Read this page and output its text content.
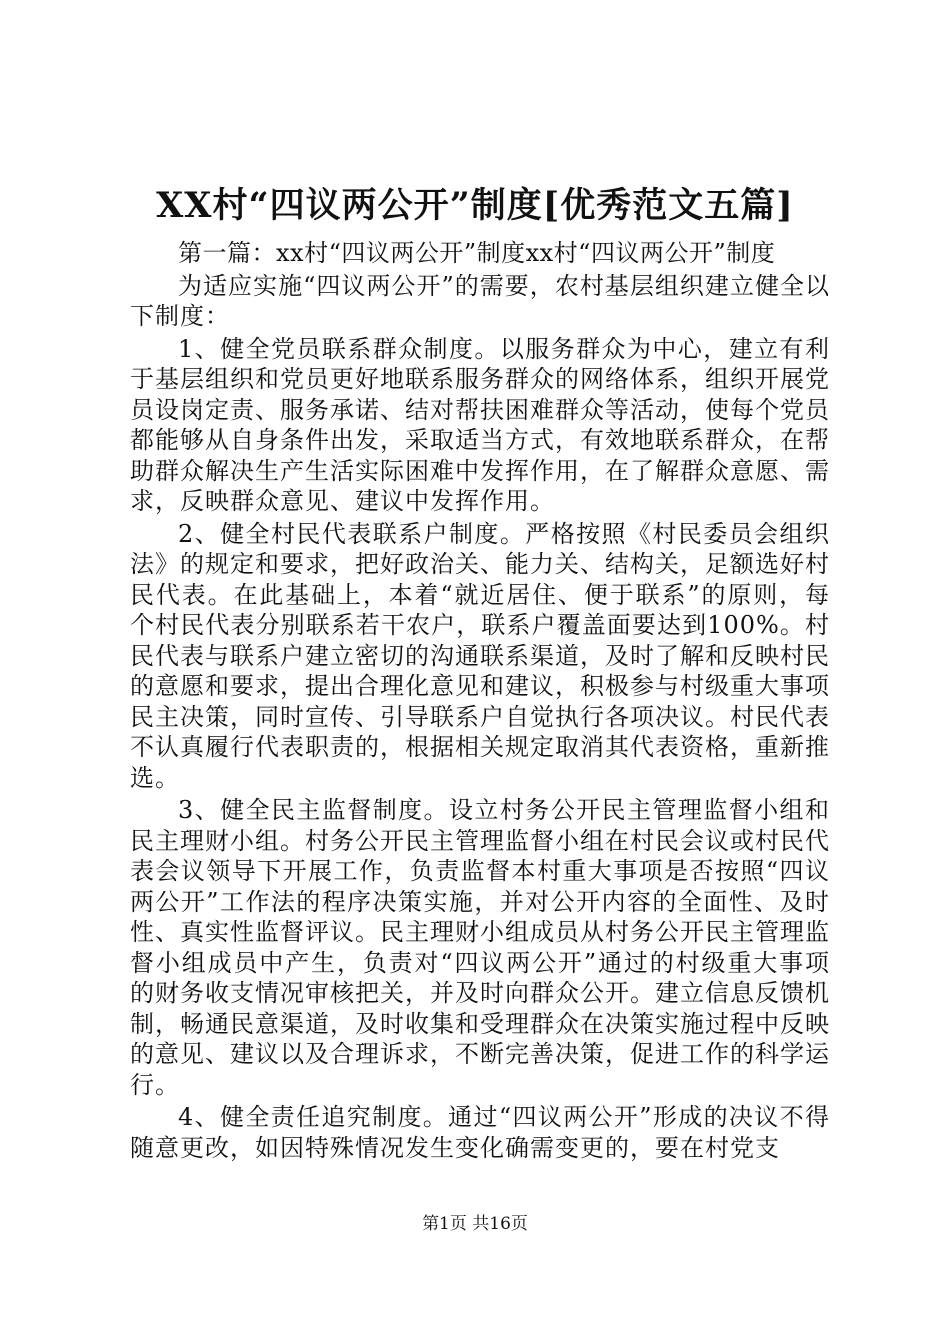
XX村“四议两公开”制度[优秀范文五篇]

第一篇：xx村“四议两公开”制度xx村“四议两公开”制度

为适应实施“四议两公开”的需要，农村基层组织建立健全以下制度：

1、健全党员联系群众制度。以服务群众为中心，建立有利于基层组织和党员更好地联系服务群众的网络体系，组织开展党员设岗定责、服务承诺、结对帮扶困难群众等活动，使每个党员都能够从自身条件出发，采取适当方式，有效地联系群众，在帮助群众解决生产生活实际困难中发挥作用，在了解群众意愿、需求，反映群众意见、建议中发挥作用。

2、健全村民代表联系户制度。严格按照《村民委员会组织法》的规定和要求，把好政治关、能力关、结构关，足额选好村民代表。在此基础上，本着“就近居住、便于联系”的原则，每个村民代表分别联系若干农户，联系户覆盖面要达到100%。村民代表与联系户建立密切的沟通联系渠道，及时了解和反映村民的意愿和要求，提出合理化意见和建议，积极参与村级重大事项民主决策，同时宣传、引导联系户自觉执行各项决议。村民代表不认真履行代表职责的，根据相关规定取消其代表资格，重新推选。

3、健全民主监督制度。设立村务公开民主管理监督小组和民主理财小组。村务公开民主管理监督小组在村民会议或村民代表会议领导下开展工作，负责监督本村重大事项是否按照“四议两公开”工作法的程序决策实施，并对公开内容的全面性、及时性、真实性监督评议。民主理财小组成员从村务公开民主管理监督小组成员中产生，负责对“四议两公开”通过的村级重大事项的财务收支情况审核把关，并及时向群众公开。建立信息反馈机制，畅通民意渠道，及时收集和受理群众在决策实施过程中反映的意见、建议以及合理诉求，不断完善决策，促进工作的科学运行。

4、健全责任追究制度。通过“四议两公开”形成的决议不得随意更改，如因特殊情况发生变化确需变更的，要在村党支

第1页 共16页
